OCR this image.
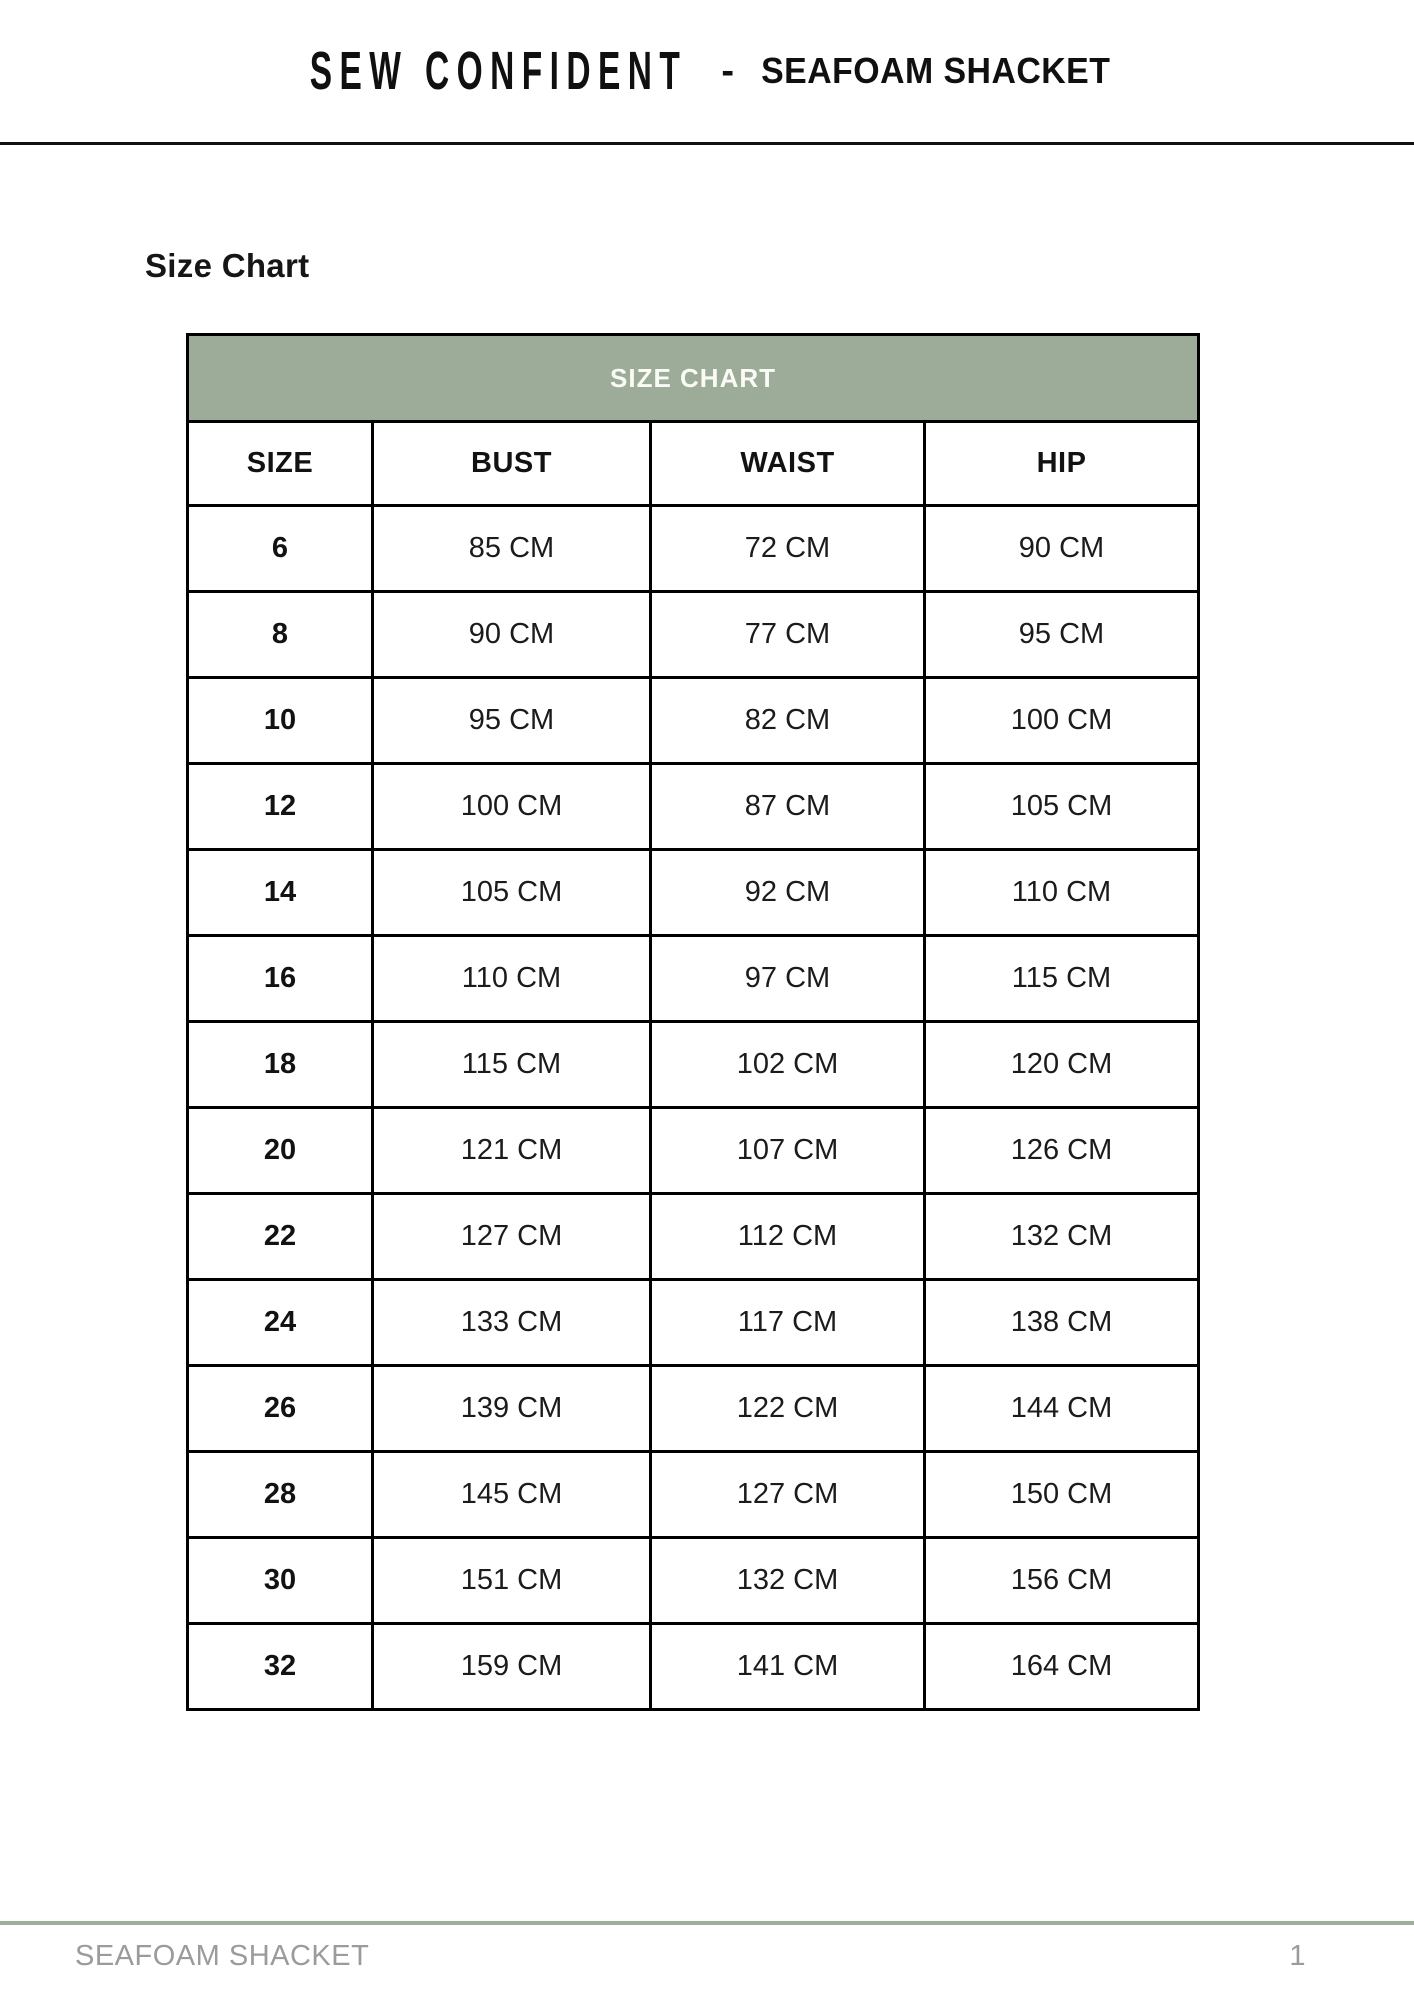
SEW CONFIDENT - SEAFOAM SHACKET
Size Chart
SIZE CHART			
SIZE	BUST	WAIST	HIP
6	85 CM	72 CM	90 CM
8	90 CM	77 CM	95 CM
10	95 CM	82 CM	100 CM
12	100 CM	87 CM	105 CM
14	105 CM	92 CM	110 CM
16	110 CM	97 CM	115 CM
18	115 CM	102 CM	120 CM
20	121 CM	107 CM	126 CM
22	127 CM	112 CM	132 CM
24	133 CM	117 CM	138 CM
26	139 CM	122 CM	144 CM
28	145 CM	127 CM	150 CM
30	151 CM	132 CM	156 CM
32	159 CM	141 CM	164 CM
SEAFOAM SHACKET	1
